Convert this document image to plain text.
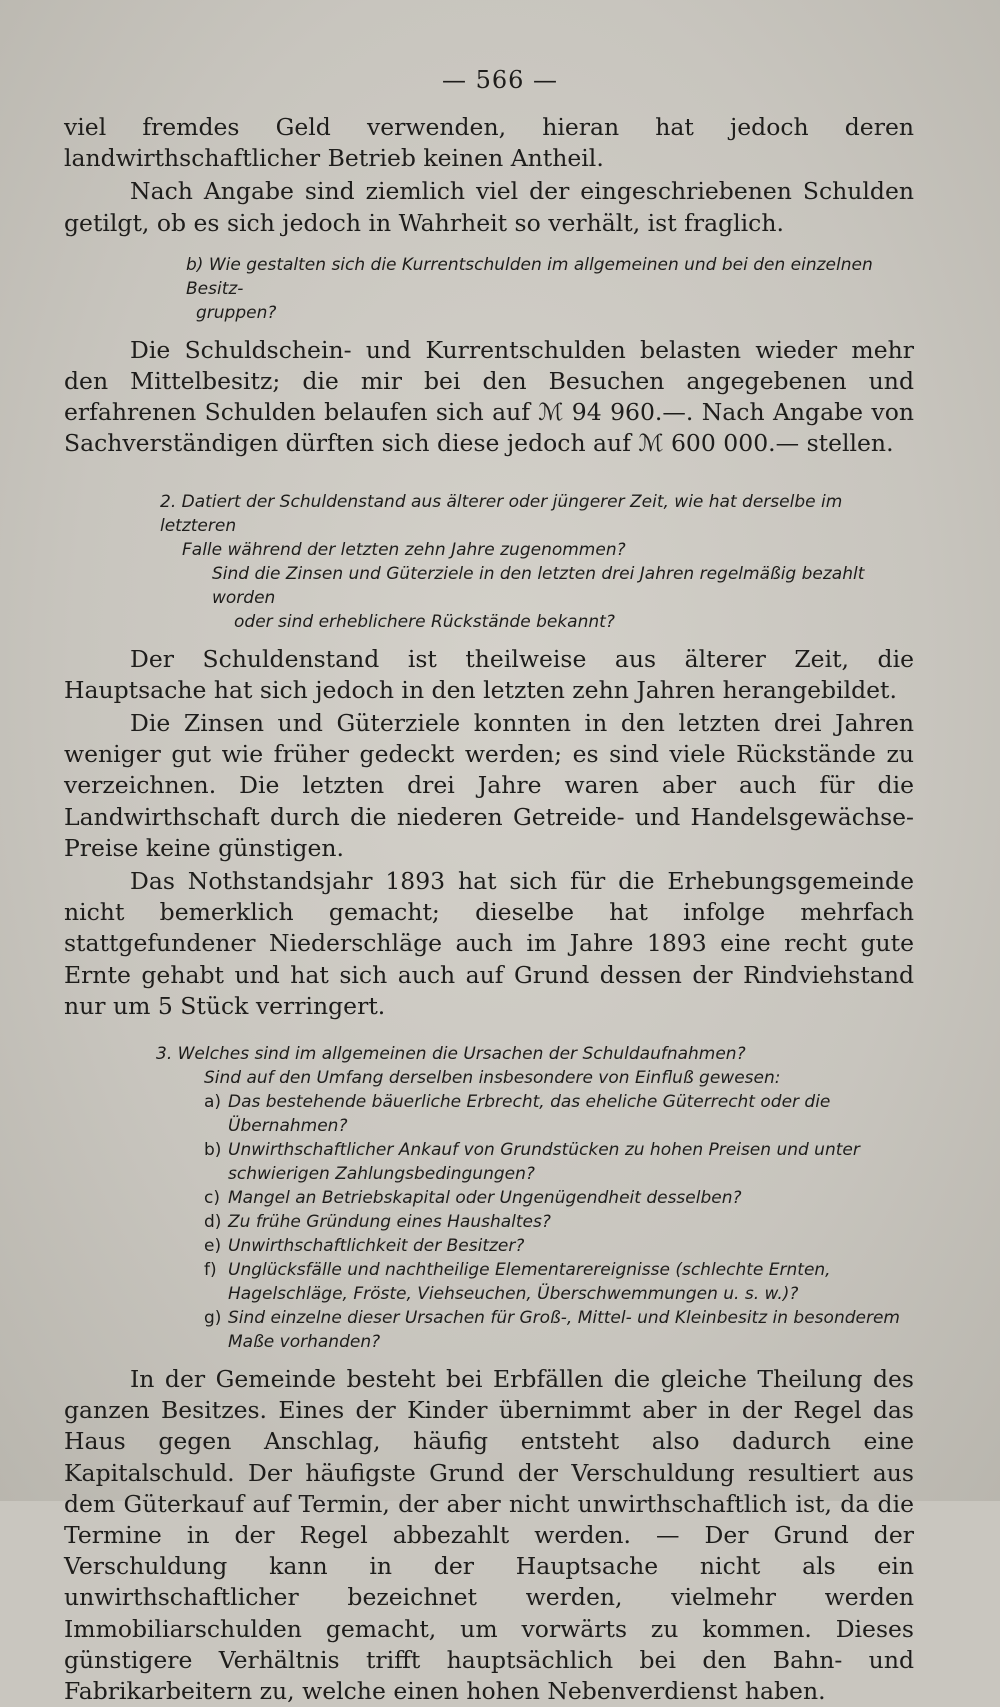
— 566 —

viel fremdes Geld verwenden, hieran hat jedoch deren landwirthschaftlicher Betrieb keinen Antheil.

Nach Angabe sind ziemlich viel der eingeschriebenen Schulden getilgt, ob es sich jedoch in Wahrheit so verhält, ist fraglich.

b) Wie gestalten sich die Kurrentschulden im allgemeinen und bei den einzelnen Besitz-
gruppen?

Die Schuldschein- und Kurrentschulden belasten wieder mehr den Mittelbesitz; die mir bei den Besuchen angegebenen und erfahrenen Schulden belaufen sich auf ℳ 94 960.—. Nach Angabe von Sachverständigen dürften sich diese jedoch auf ℳ 600 000.— stellen.

2. Datiert der Schuldenstand aus älterer oder jüngerer Zeit, wie hat derselbe im letzteren
Falle während der letzten zehn Jahre zugenommen?
Sind die Zinsen und Güterziele in den letzten drei Jahren regelmäßig bezahlt worden
oder sind erheblichere Rückstände bekannt?

Der Schuldenstand ist theilweise aus älterer Zeit, die Hauptsache hat sich jedoch in den letzten zehn Jahren herangebildet.

Die Zinsen und Güterziele konnten in den letzten drei Jahren weniger gut wie früher gedeckt werden; es sind viele Rückstände zu verzeichnen. Die letzten drei Jahre waren aber auch für die Landwirthschaft durch die niederen Getreide- und Handelsgewächse-Preise keine günstigen.

Das Nothstandsjahr 1893 hat sich für die Erhebungsgemeinde nicht bemerklich gemacht; dieselbe hat infolge mehrfach stattgefundener Niederschläge auch im Jahre 1893 eine recht gute Ernte gehabt und hat sich auch auf Grund dessen der Rindviehstand nur um 5 Stück verringert.

3. Welches sind im allgemeinen die Ursachen der Schuldaufnahmen?
Sind auf den Umfang derselben insbesondere von Einfluß gewesen:
a) Das bestehende bäuerliche Erbrecht, das eheliche Güterrecht oder die Übernahmen?
b) Unwirthschaftlicher Ankauf von Grundstücken zu hohen Preisen und unter schwierigen Zahlungsbedingungen?
c) Mangel an Betriebskapital oder Ungenügendheit desselben?
d) Zu frühe Gründung eines Haushaltes?
e) Unwirthschaftlichkeit der Besitzer?
f) Unglücksfälle und nachtheilige Elementarereignisse (schlechte Ernten, Hagelschläge, Fröste, Viehseuchen, Überschwemmungen u. s. w.)?
g) Sind einzelne dieser Ursachen für Groß-, Mittel- und Kleinbesitz in besonderem Maße vorhanden?

In der Gemeinde besteht bei Erbfällen die gleiche Theilung des ganzen Besitzes. Eines der Kinder übernimmt aber in der Regel das Haus gegen Anschlag, häufig entsteht also dadurch eine Kapitalschuld. Der häufigste Grund der Verschuldung resultiert aus dem Güterkauf auf Termin, der aber nicht unwirthschaftlich ist, da die Termine in der Regel abbezahlt werden. — Der Grund der Verschuldung kann in der Hauptsache nicht als ein unwirthschaftlicher bezeichnet werden, vielmehr werden Immobiliarschulden gemacht, um vorwärts zu kommen. Dieses günstigere Verhältnis trifft hauptsächlich bei den Bahn- und Fabrikarbeitern zu, welche einen hohen Nebenverdienst haben.
